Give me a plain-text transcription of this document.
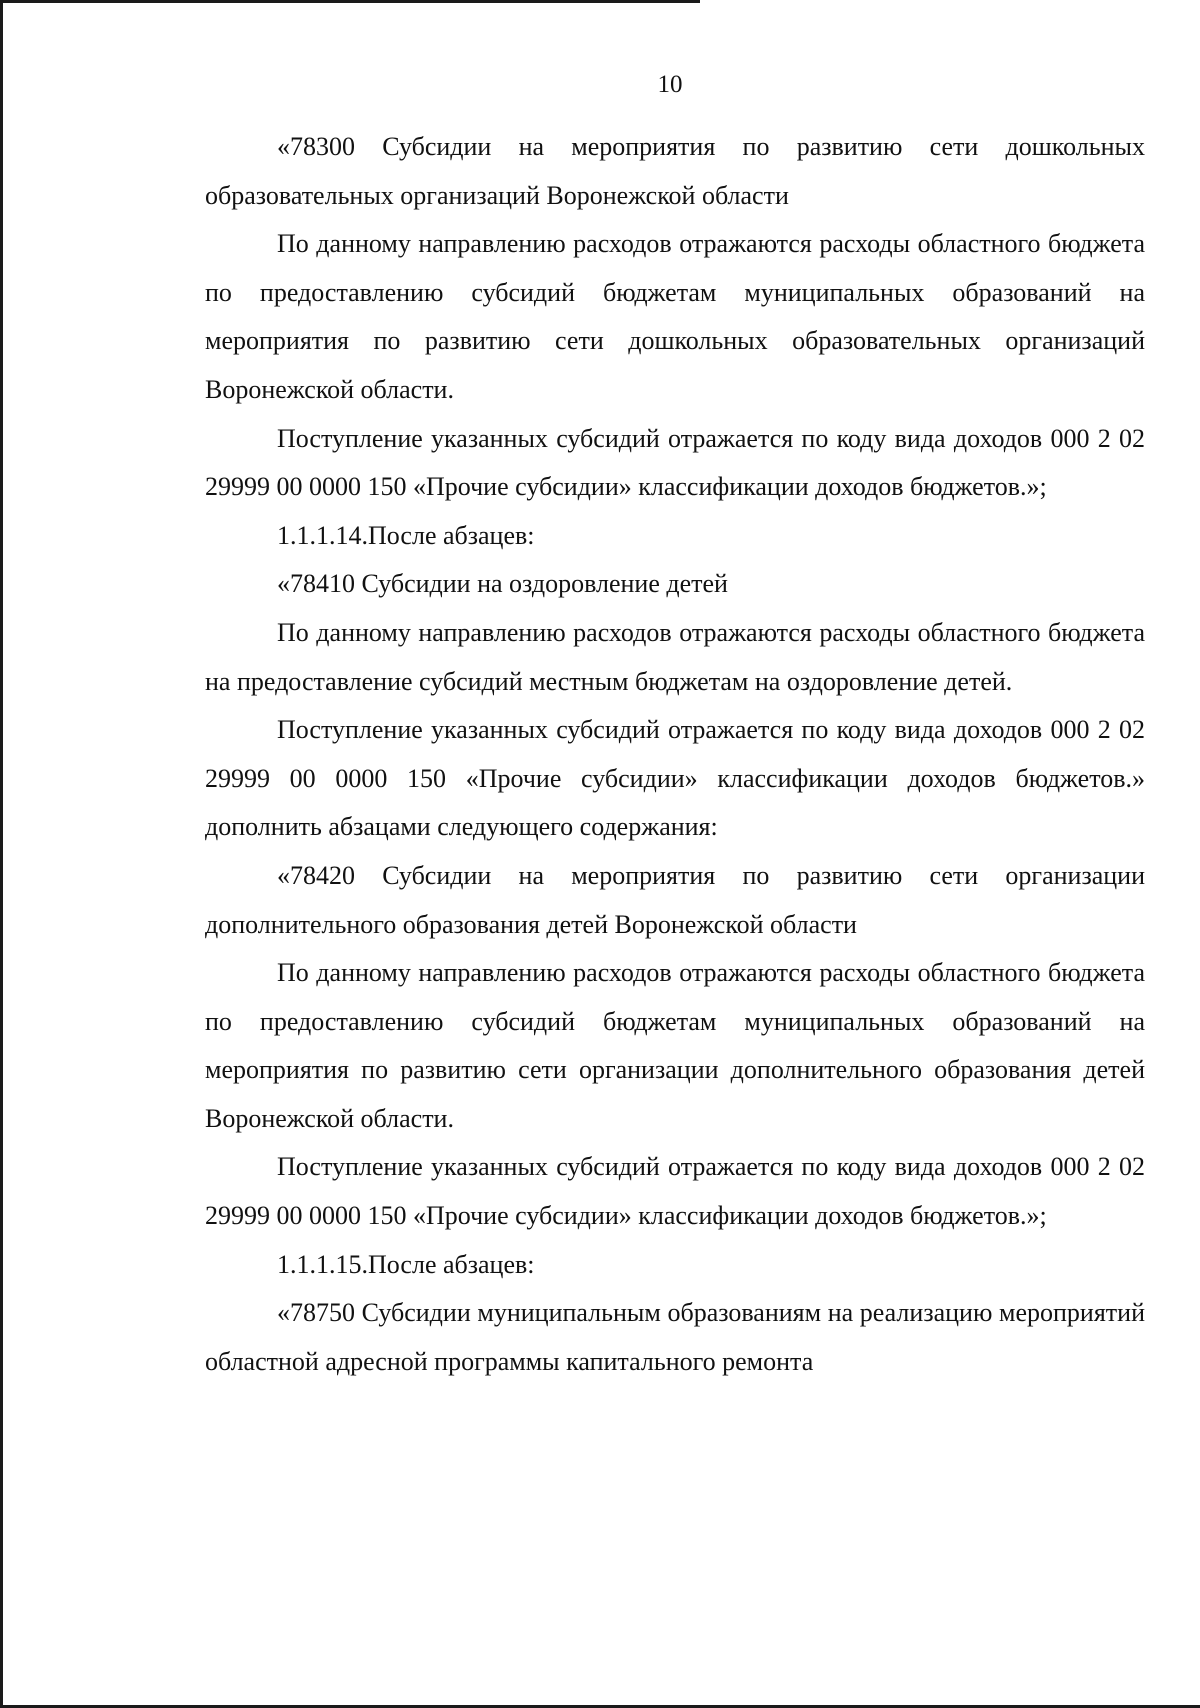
10

«78300 Субсидии на мероприятия по развитию сети дошкольных образовательных организаций Воронежской области

По данному направлению расходов отражаются расходы областного бюджета по предоставлению субсидий бюджетам муниципальных образований на мероприятия по развитию сети дошкольных образовательных организаций Воронежской области.

Поступление указанных субсидий отражается по коду вида доходов 000 2 02 29999 00 0000 150 «Прочие субсидии» классификации доходов бюджетов.»;

1.1.1.14.После абзацев:

«78410 Субсидии на оздоровление детей

По данному направлению расходов отражаются расходы областного бюджета на предоставление субсидий местным бюджетам на оздоровление детей.

Поступление указанных субсидий отражается по коду вида доходов 000 2 02 29999 00 0000 150 «Прочие субсидии» классификации доходов бюджетов.» дополнить абзацами следующего содержания:

«78420 Субсидии на мероприятия по развитию сети организации дополнительного образования детей Воронежской области

По данному направлению расходов отражаются расходы областного бюджета по предоставлению субсидий бюджетам муниципальных образований на мероприятия по развитию сети организации дополнительного образования детей Воронежской области.

Поступление указанных субсидий отражается по коду вида доходов 000 2 02 29999 00 0000 150 «Прочие субсидии» классификации доходов бюджетов.»;

1.1.1.15.После абзацев:

«78750 Субсидии муниципальным образованиям на реализацию мероприятий областной адресной программы капитального ремонта
